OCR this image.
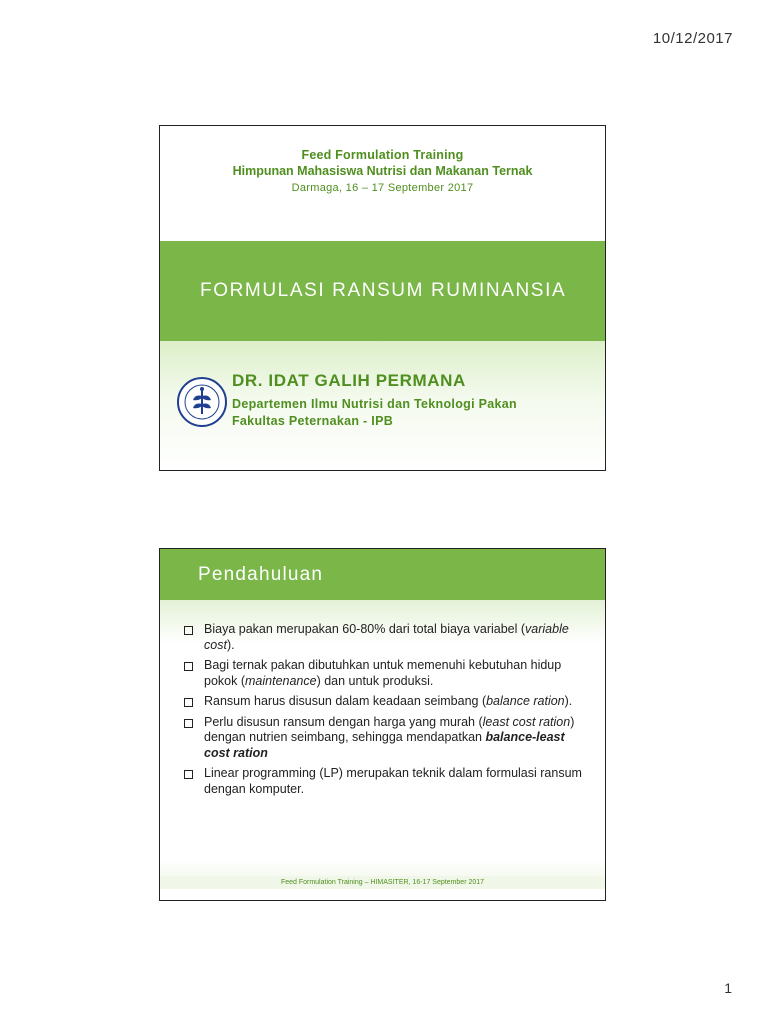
10/12/2017
Feed Formulation Training
Himpunan Mahasiswa Nutrisi dan Makanan Ternak
Darmaga, 16 – 17 September 2017
FORMULASI RANSUM RUMINANSIA
DR. IDAT GALIH PERMANA
Departemen Ilmu Nutrisi dan Teknologi Pakan
Fakultas Peternakan - IPB
Pendahuluan
Biaya pakan merupakan 60-80% dari total biaya variabel (variable cost).
Bagi ternak pakan dibutuhkan untuk memenuhi kebutuhan hidup pokok (maintenance) dan untuk produksi.
Ransum harus disusun dalam keadaan seimbang (balance ration).
Perlu disusun ransum dengan harga yang murah (least cost ration) dengan nutrien seimbang, sehingga mendapatkan balance-least cost ration
Linear programming (LP) merupakan teknik dalam formulasi ransum dengan komputer.
Feed Formulation Training – HIMASITER, 16-17 September 2017
1
